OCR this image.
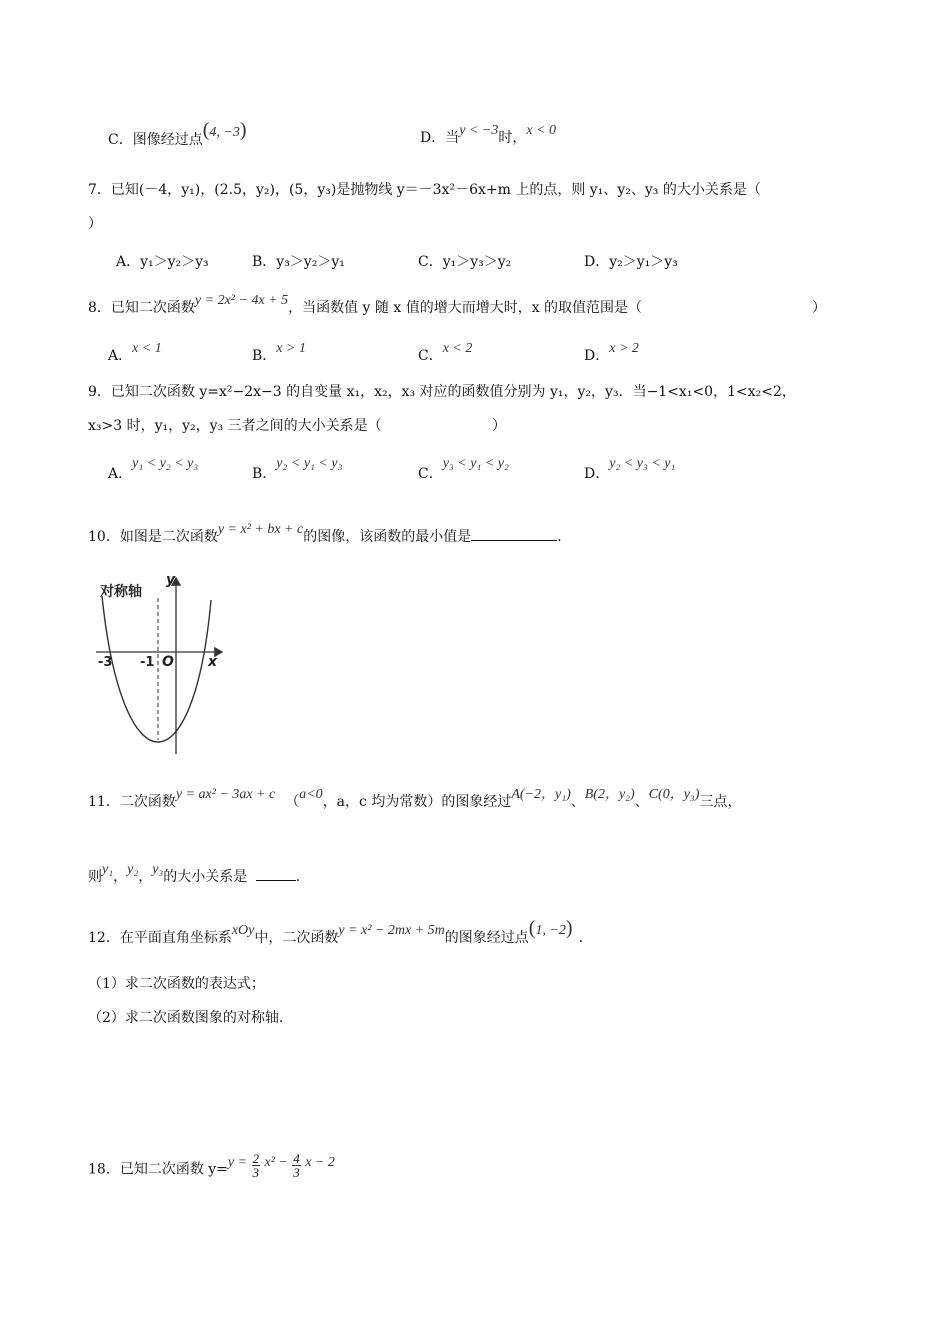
C．图像经过点(4, −3)	D．当y < −3时，x < 0
7．已知(－4，y₁)，(2.5，y₂)，(5，y₃)是抛物线 y＝－3x²－6x+m 上的点，则 y₁、y₂、y₃ 的大小关系是（
）
A．y₁＞y₂＞y₃	B．y₃＞y₂＞y₁	C．y₁＞y₃＞y₂	D．y₂＞y₁＞y₃
8．已知二次函数y = 2x² − 4x + 5，当函数值 y 随 x 值的增大而增大时，x 的取值范围是（	）
A．x < 1	B．x > 1	C．x < 2	D．x > 2
9．已知二次函数 y=x²−2x−3 的自变量 x₁，x₂，x₃ 对应的函数值分别为 y₁，y₂，y₃．当−1<x₁<0，1<x₂<2，
x₃>3 时，y₁，y₂，y₃ 三者之间的大小关系是（	）
A．y₁ < y₂ < y₃
B．y₂ < y₁ < y₃
C．y₃ < y₁ < y₂
D．y₂ < y₃ < y₁
10．如图是二次函数y = x² + bx + c的图像，该函数的最小值是	．
对称轴
y
x
-3 -1 O
11．二次函数y = ax² − 3ax + c （a<0，a，c 均为常数）的图象经过A(−2，y₁)、B(2，y₂)、C(0，y₃)三点，
则y₁，y₂，y₃的大小关系是	.
12．在平面直角坐标系xOy中，二次函数y = x² − 2mx + 5m的图象经过点(1, −2) .
（1）求二次函数的表达式；
（2）求二次函数图象的对称轴.
18．已知二次函数 $y=y = \frac{2}{3} x^2 - \frac{4}{3}$ x − 2
